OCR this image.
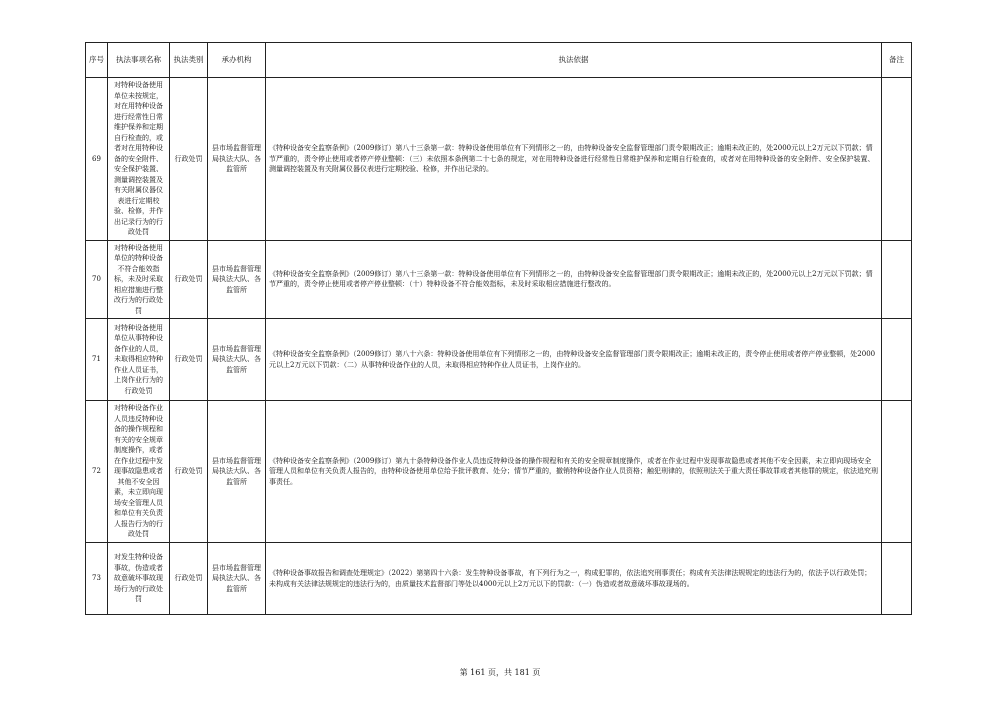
序号	执法事项名称	执法类别	承办机构	执法依据	备注
69	对特种设备使用单位未按规定，对在用特种设备进行经常性日常维护保养和定期自行检查的，或者对在用特种设备的安全附件、安全保护装置、测量调控装置及有关附属仪器仪表进行定期校验、检修，并作出记录行为的行政处罚	行政处罚	县市场监督管理局执法大队、各监管所	《特种设备安全监察条例》（2009修订）第八十三条第一款：特种设备使用单位有下列情形之一的，由特种设备安全监督管理部门责令限期改正；逾期未改正的，处2000元以上2万元以下罚款；情节严重的，责令停止使用或者停产停业整顿：（三）未依照本条例第二十七条的规定，对在用特种设备进行经常性日常维护保养和定期自行检查的，或者对在用特种设备的安全附件、安全保护装置、测量调控装置及有关附属仪器仪表进行定期校验、检修，并作出记录的。	
70	对特种设备使用单位的特种设备不符合能效指标，未及时采取相应措施进行整改行为的行政处罚	行政处罚	县市场监督管理局执法大队、各监管所	《特种设备安全监察条例》（2009修订）第八十三条第一款：特种设备使用单位有下列情形之一的，由特种设备安全监督管理部门责令限期改正；逾期未改正的，处2000元以上2万元以下罚款；情节严重的，责令停止使用或者停产停业整顿：（十）特种设备不符合能效指标，未及时采取相应措施进行整改的。	
71	对特种设备使用单位从事特种设备作业的人员，未取得相应特种作业人员证书，上岗作业行为的行政处罚	行政处罚	县市场监督管理局执法大队、各监管所	《特种设备安全监察条例》（2009修订）第八十六条：特种设备使用单位有下列情形之一的，由特种设备安全监督管理部门责令限期改正；逾期未改正的，责令停止使用或者停产停业整顿，处2000元以上2万元以下罚款：（二）从事特种设备作业的人员，未取得相应特种作业人员证书，上岗作业的。	
72	对特种设备作业人员违反特种设备的操作规程和有关的安全规章制度操作，或者在作业过程中发现事故隐患或者其他不安全因素，未立即向现场安全管理人员和单位有关负责人报告行为的行政处罚	行政处罚	县市场监督管理局执法大队、各监管所	《特种设备安全监察条例》（2009修订）第九十条特种设备作业人员违反特种设备的操作规程和有关的安全规章制度操作，或者在作业过程中发现事故隐患或者其他不安全因素，未立即向现场安全管理人员和单位有关负责人报告的，由特种设备使用单位给予批评教育、处分；情节严重的，撤销特种设备作业人员资格；触犯刑律的，依照刑法关于重大责任事故罪或者其他罪的规定，依法追究刑事责任。	
73	对发生特种设备事故，伪造或者故意破坏事故现场行为的行政处罚	行政处罚	县市场监督管理局执法大队、各监管所	《特种设备事故报告和调查处理规定》（2022）第第四十六条：发生特种设备事故，有下列行为之一，构成犯罪的，依法追究刑事责任；构成有关法律法规规定的违法行为的，依法予以行政处罚；未构成有关法律法规规定的违法行为的，由质量技术监督部门等处以4000元以上2万元以下的罚款：（一）伪造或者故意破坏事故现场的。	
第 161 页，共 181 页
